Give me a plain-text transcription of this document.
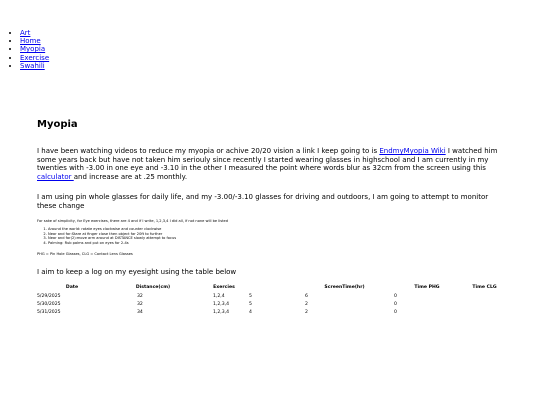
• Art
• Home
• Myopia
• Exercise
• Swahili
Myopia

I have been watching videos to reduce my myopia or achive 20/20 vision a link I keep going to is EndmyMyopia Wiki I watched him some years back but have not taken him seriouly since recently I started wearing glasses in highschool and I am currently in my twenties with -3.00 in one eye and -3.10 in the other I measured the point where words blur as 32cm from the screen using this calculator and increase are at .25 monthly.

I am using pin whole glasses for daily life, and my -3.00/-3.10 glasses for driving and outdoors, I am going to attempt to monitor these change

For sake of simplicity, for Eye exercises, there are 4 and if I write, 1,2,3,4 I did all, if not none will be listed

1. Around the world: rotate eyes clockwise and counter clockwise
2. Near and far:Stare at finger close then object far 20ft to further
3. Near and far(2):move arm around at DISTANCE slowly attempt to focus
4. Palming: Rub palms and put on eyes for 2-4s

PHG = Pin Hole Glasses, CLG = Contact Lens Glasses

I aim to keep a log on my eyesight using the table below

Date	Distance(cm)	Exercies		ScreenTime(hr)	Time PHG	Time CLG
5/29/2025	32	1,2,4	5	6	0	
5/30/2025	32	1,2,3,4	5	2	0	
5/31/2025	34	1,2,3,4	4	2	0	
